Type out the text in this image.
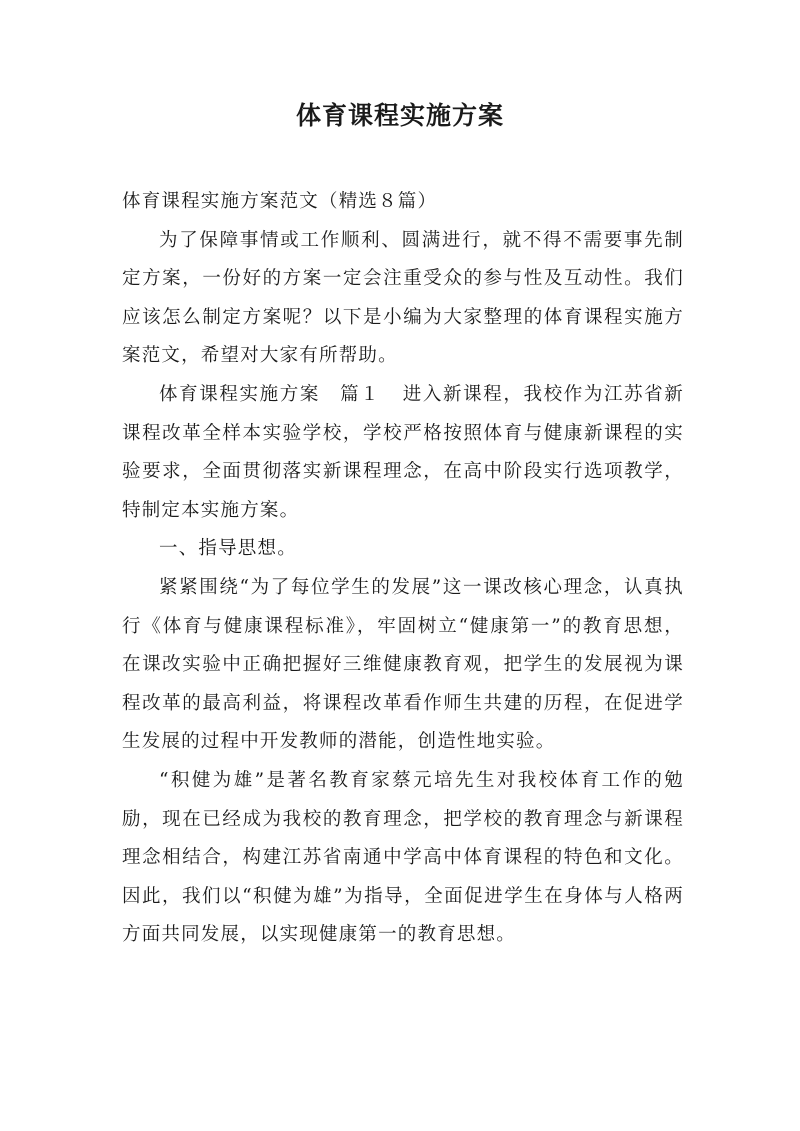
体育课程实施方案

体育课程实施方案范文（精选８篇）

为了保障事情或工作顺利、圆满进行，就不得不需要事先制定方案，一份好的方案一定会注重受众的参与性及互动性。我们应该怎么制定方案呢？以下是小编为大家整理的体育课程实施方案范文，希望对大家有所帮助。

体育课程实施方案　篇１ 进入新课程，我校作为江苏省新课程改革全样本实验学校，学校严格按照体育与健康新课程的实验要求，全面贯彻落实新课程理念，在高中阶段实行选项教学，特制定本实施方案。

一、指导思想。

紧紧围绕“为了每位学生的发展”这一课改核心理念，认真执行《体育与健康课程标准》，牢固树立“健康第一”的教育思想，在课改实验中正确把握好三维健康教育观，把学生的发展视为课程改革的最高利益，将课程改革看作师生共建的历程，在促进学生发展的过程中开发教师的潜能，创造性地实验。

“积健为雄”是著名教育家蔡元培先生对我校体育工作的勉励，现在已经成为我校的教育理念，把学校的教育理念与新课程理念相结合，构建江苏省南通中学高中体育课程的特色和文化。因此，我们以“积健为雄”为指导，全面促进学生在身体与人格两方面共同发展，以实现健康第一的教育思想。
